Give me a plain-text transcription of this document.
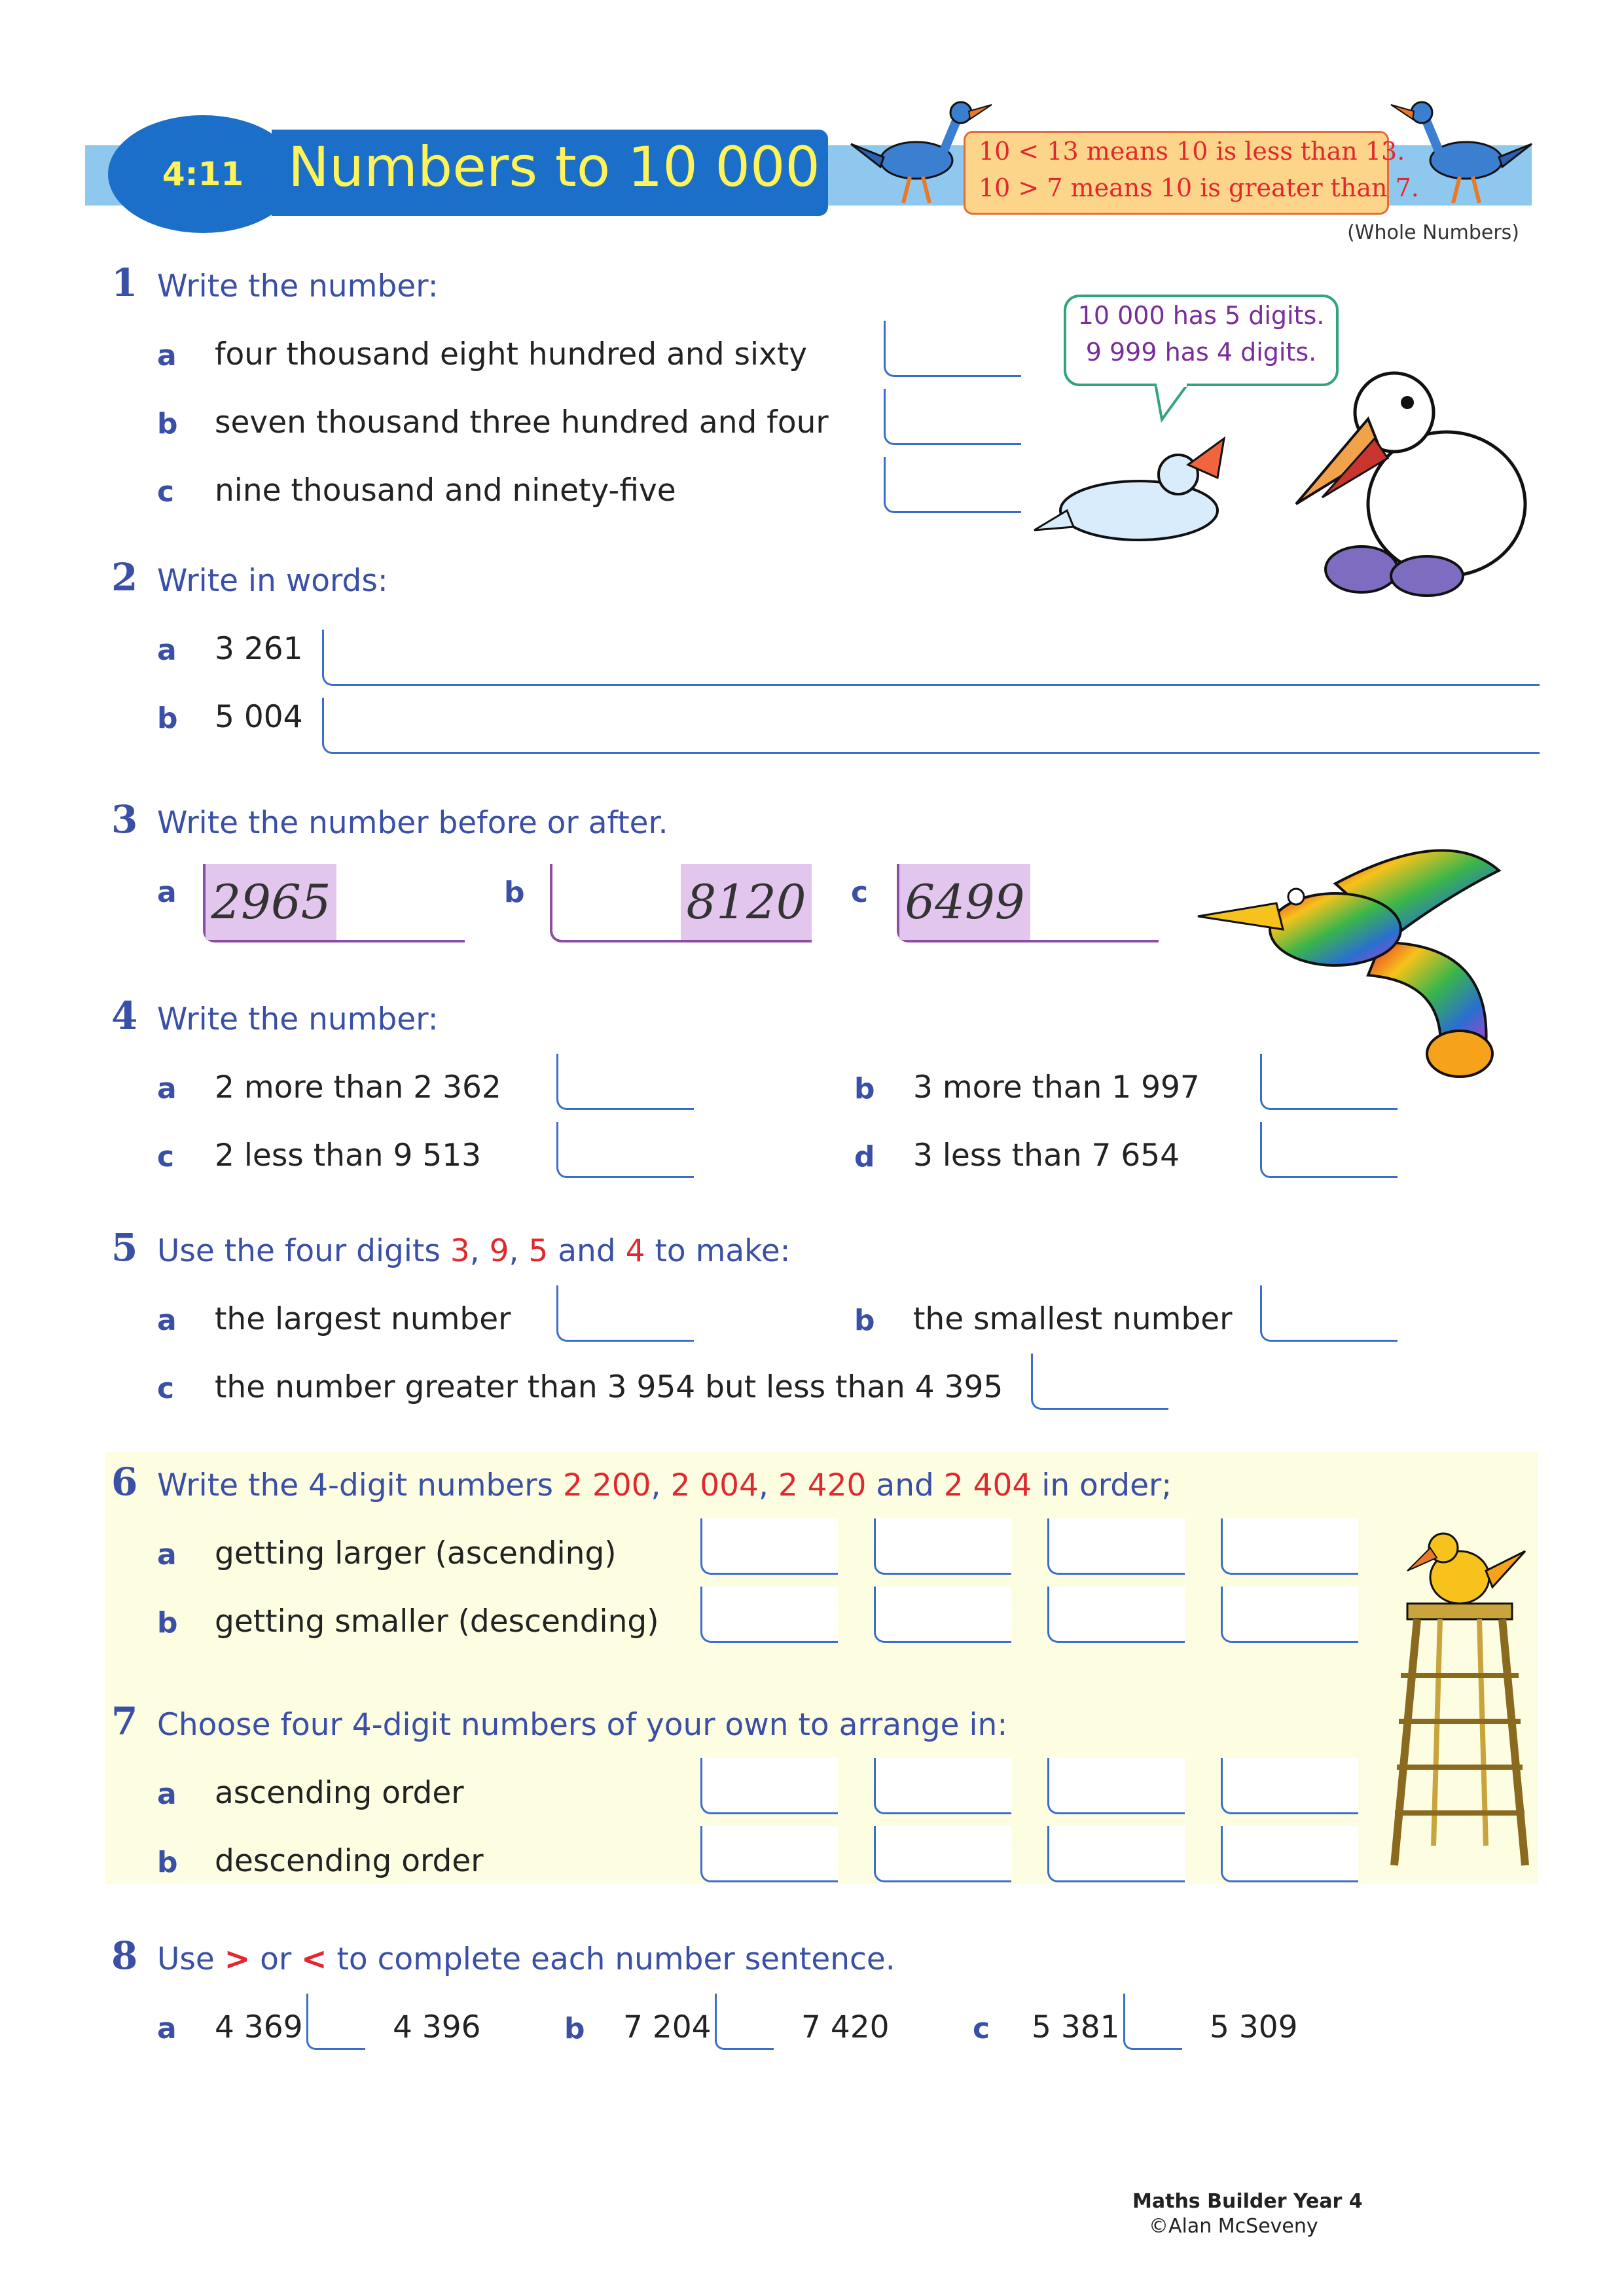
4:11 Numbers to 10 000	10 < 13 means 10 is less than 13.
10 > 7 means 10 is greater than 7.
(Whole Numbers)
1 Write the number:
a four thousand eight hundred and sixty
b seven thousand three hundred and four
c nine thousand and ninety-five
10 000 has 5 digits.
9 999 has 4 digits.
2 Write in words:
a 3 261
b 5 004
3 Write the number before or after.
a 2965	b	8120 c 6499
4 Write the number:
a 2 more than 2 362	b 3 more than 1 997
c 2 less than 9 513	d 3 less than 7 654
5 Use the four digits 3, 9, 5 and 4 to make:
a the largest number	b the smallest number
c the number greater than 3 954 but less than 4 395
6 Write the 4-digit numbers 2 200, 2 004, 2 420 and 2 404 in order;
a getting larger (ascending)
b getting smaller (descending)
7 Choose four 4-digit numbers of your own to arrange in:
a ascending order
b descending order
8 Use > or < to complete each number sentence.
a 4 369	4 396	b 7 204	7 420	c 5 381	5 309
Maths Builder Year 4
©Alan McSeveny
